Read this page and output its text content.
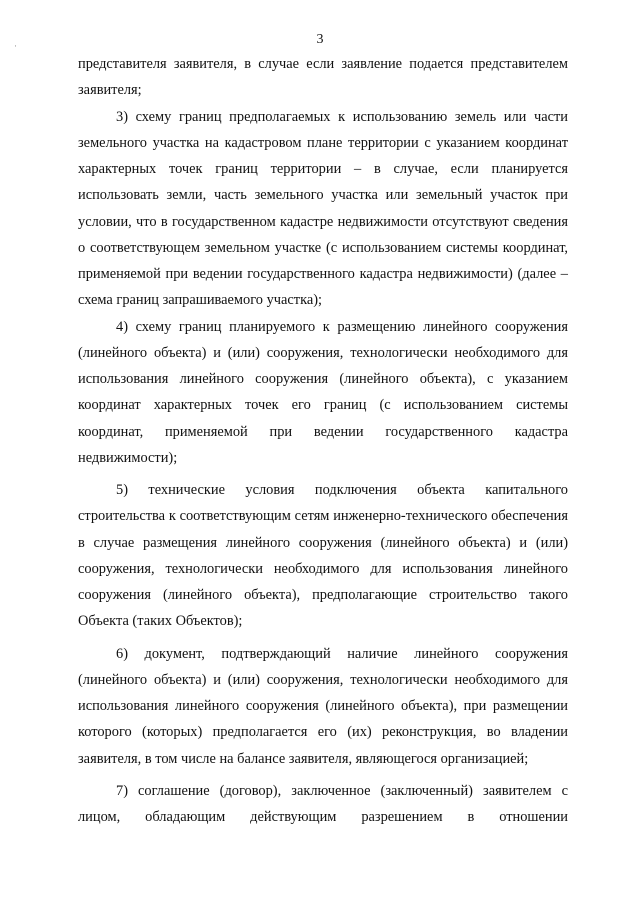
·	3

представителя заявителя, в случае если заявление подается представителем заявителя;

3) схему границ предполагаемых к использованию земель или части земельного участка на кадастровом плане территории с указанием координат характерных точек границ территории – в случае, если планируется использовать земли, часть земельного участка или земельный участок при условии, что в государственном кадастре недвижимости отсутствуют сведения о соответствующем земельном участке (с использованием системы координат, применяемой при ведении государственного кадастра недвижимости) (далее – схема границ запрашиваемого участка);

4) схему границ планируемого к размещению линейного сооружения (линейного объекта) и (или) сооружения, технологически необходимого для использования линейного сооружения (линейного объекта), с указанием координат характерных точек его границ (с использованием системы координат, применяемой при ведении государственного кадастра недвижимости);

5) технические условия подключения объекта капитального строительства к соответствующим сетям инженерно-технического обеспечения в случае размещения линейного сооружения (линейного объекта) и (или) сооружения, технологически необходимого для использования линейного сооружения (линейного объекта), предполагающие строительство такого Объекта (таких Объектов);

6) документ, подтверждающий наличие линейного сооружения (линейного объекта) и (или) сооружения, технологически необходимого для использования линейного сооружения (линейного объекта), при размещении которого (которых) предполагается его (их) реконструкция, во владении заявителя, в том числе на балансе заявителя, являющегося организацией;

7) соглашение (договор), заключенное (заключенный) заявителем с лицом, обладающим действующим разрешением в отношении
